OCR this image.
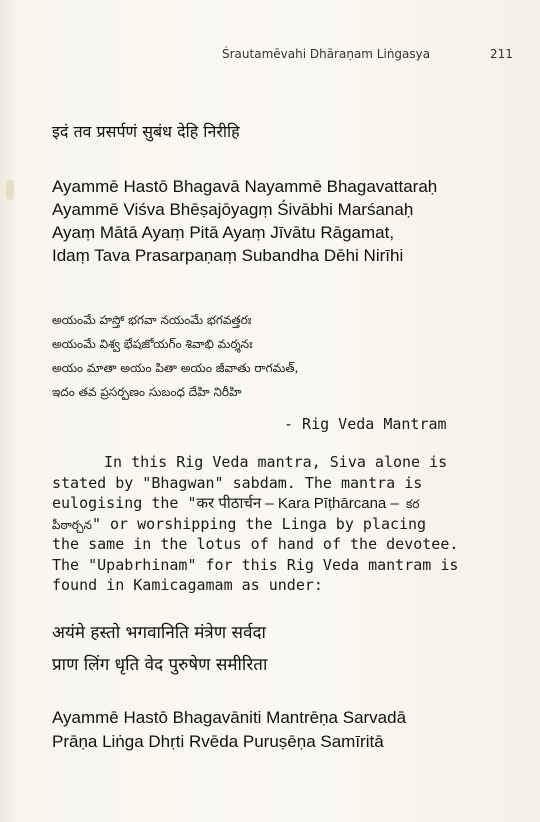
Śrautamēvahi Dhāraṇam Liṅgasya	211
इदं तव प्रसर्पणं सुबंध देहि निरीहि
Ayammē Hastō Bhagavā Nayammē Bhagavattaraḥ
Ayammē Viśva Bhēṣajōyagṃ Śivābhi Marśanaḥ
Ayaṃ Mātā Ayaṃ Pitā Ayaṃ Jīvātu Rāgamat,
Idaṃ Tava Prasarpaṇaṃ Subandha Dēhi Nirīhi
అయంమే హస్తో భగవా నయంమే భగవత్తరః
అయంమే విశ్వ భేషజోయగ్ం శివాభి మర్శనః
అయం మాతా అయం పితా అయం జీవాతు రాగమత్,
ఇదం తవ ప్రసర్పణం సుబంధ దేహి నిరీహి
- Rig Veda Mantram
In this Rig Veda mantra, Siva alone is
stated by "Bhagwan" sabdam. The mantra is
eulogising the "कर पीठार्चन – Kara Pīṭhārcana – కర
పీఠార్చన" or worshipping the Linga by placing
the same in the lotus of hand of the devotee.
The "Upabrhinam" for this Rig Veda mantram is
found in Kamicagamam as under:
अयंमे हस्तो भगवानिति मंत्रेण सर्वदा
प्राण लिंग धृति वेद पुरुषेण समीरिता
Ayammē Hastō Bhagavāniti Mantrēṇa Sarvadā
Prāṇa Liṅga Dhṛti Rvēda Puruṣēṇa Samīritā
